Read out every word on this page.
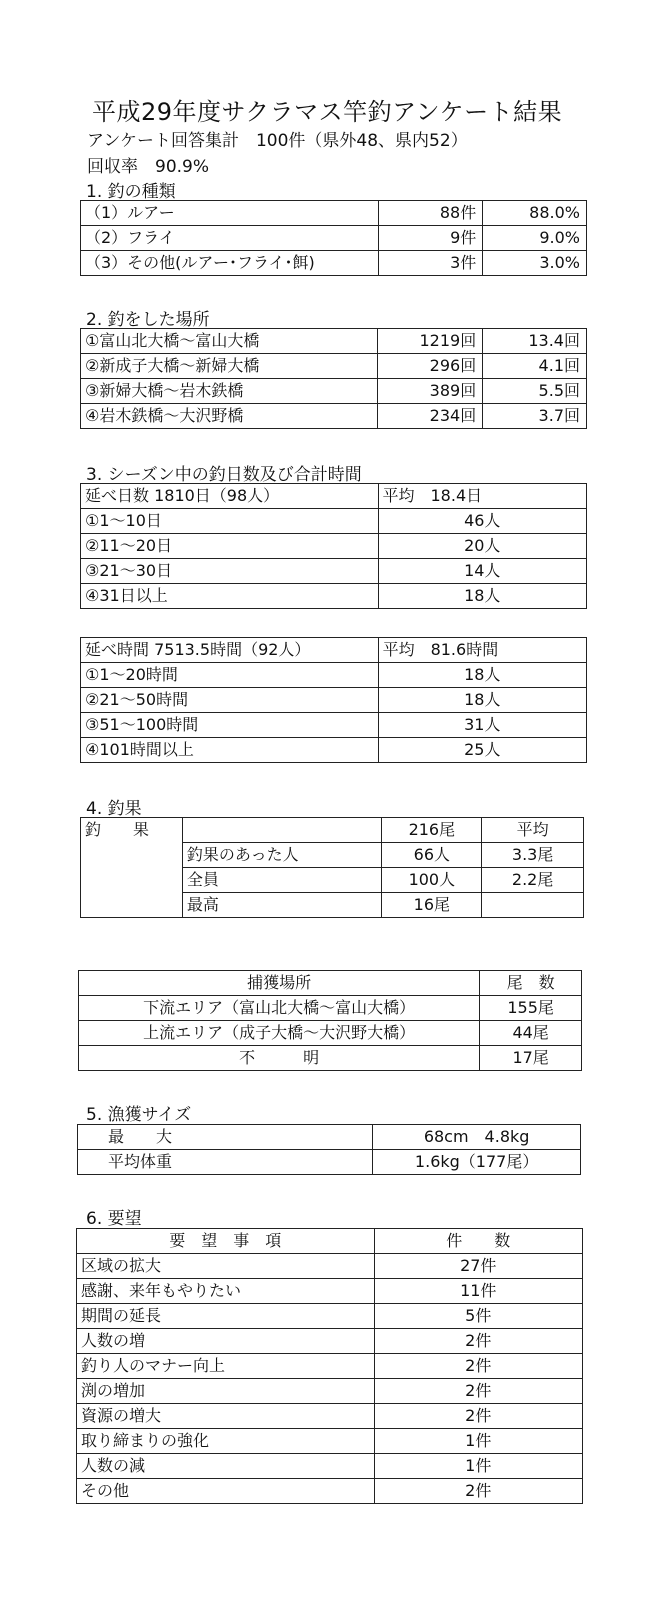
平成29年度サクラマス竿釣アンケート結果
アンケート回答集計　100件（県外48、県内52）
回収率　90.9%
1. 釣の種類
（1）ルアー	88件	88.0%
（2）フライ	9件	9.0%
（3）その他(ルアー･フライ･餌)	3件	3.0%
2. 釣をした場所
①富山北大橋～富山大橋	1219回	13.4回
②新成子大橋～新婦大橋	296回	4.1回
③新婦大橋～岩木鉄橋	389回	5.5回
④岩木鉄橋～大沢野橋	234回	3.7回
3. シーズン中の釣日数及び合計時間
延べ日数 1810日（98人）	平均　18.4日
①1～10日	46人
②11～20日	20人
③21～30日	14人
④31日以上	18人
延べ時間 7513.5時間（92人）	平均　81.6時間
①1～20時間	18人
②21～50時間	18人
③51～100時間	31人
④101時間以上	25人
4. 釣果
釣　　果		216尾	平均
	釣果のあった人	66人	3.3尾
	全員	100人	2.2尾
	最高	16尾	
捕獲場所	尾　数
下流エリア（富山北大橋～富山大橋）	155尾
上流エリア（成子大橋～大沢野大橋）	44尾
不　　　明	17尾
5. 漁獲サイズ
最　　大	68cm　4.8kg
平均体重	1.6kg（177尾）
6. 要望
要　望　事　項	件　　数
区域の拡大	27件
感謝、来年もやりたい	11件
期間の延長	5件
人数の増	2件
釣り人のマナー向上	2件
渕の増加	2件
資源の増大	2件
取り締まりの強化	1件
人数の減	1件
その他	2件
